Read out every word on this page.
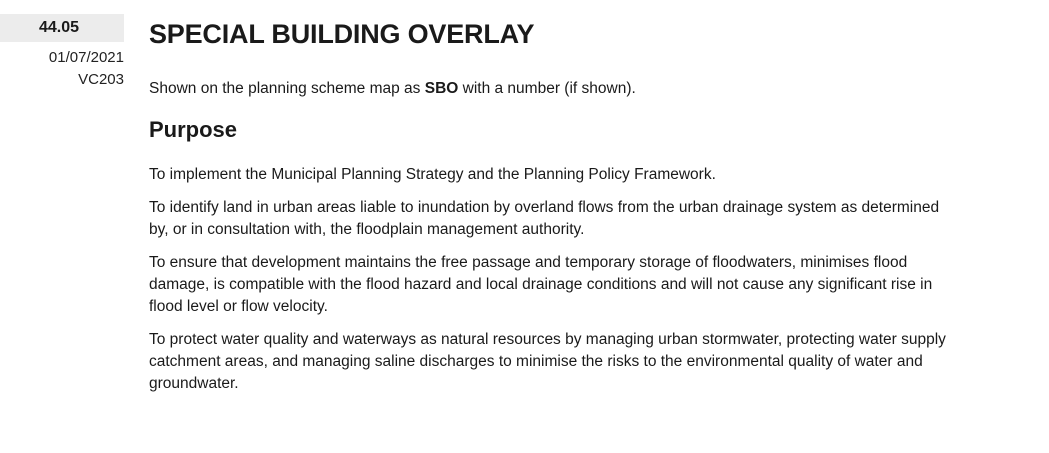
44.05
01/07/2021
VC203
SPECIAL BUILDING OVERLAY

Shown on the planning scheme map as SBO with a number (if shown).

Purpose

To implement the Municipal Planning Strategy and the Planning Policy Framework.

To identify land in urban areas liable to inundation by overland flows from the urban drainage system as determined by, or in consultation with, the floodplain management authority.

To ensure that development maintains the free passage and temporary storage of floodwaters, minimises flood damage, is compatible with the flood hazard and local drainage conditions and will not cause any significant rise in flood level or flow velocity.

To protect water quality and waterways as natural resources by managing urban stormwater, protecting water supply catchment areas, and managing saline discharges to minimise the risks to the environmental quality of water and groundwater.
